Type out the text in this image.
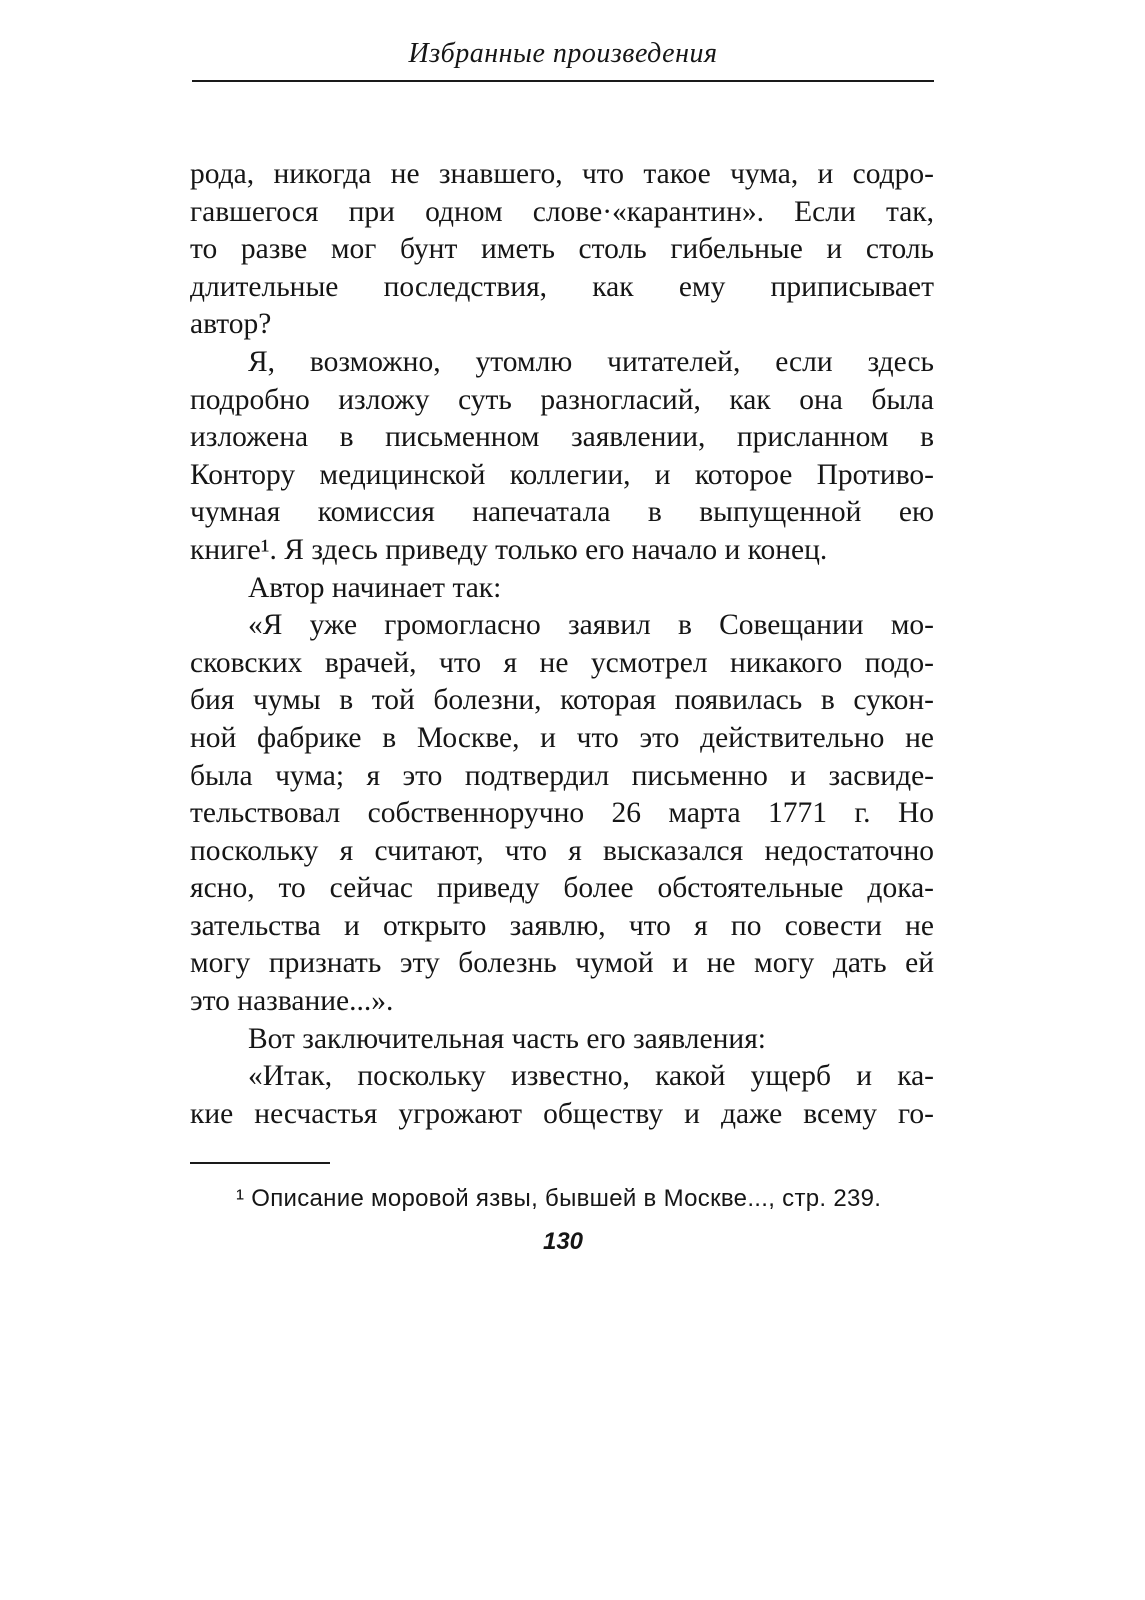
Избранные произведения
рода, никогда не знавшего, что такое чума, и содро-
гавшегося при одном слове·«карантин». Если так,
то разве мог бунт иметь столь гибельные и столь
длительные последствия, как ему приписывает
автор?
Я, возможно, утомлю читателей, если здесь
подробно изложу суть разногласий, как она была
изложена в письменном заявлении, присланном в
Контору медицинской коллегии, и которое Противо-
чумная комиссия напечатала в выпущенной ею
книге¹. Я здесь приведу только его начало и конец.
Автор начинает так:
«Я уже громогласно заявил в Совещании мо-
сковских врачей, что я не усмотрел никакого подо-
бия чумы в той болезни, которая появилась в сукон-
ной фабрике в Москве, и что это действительно не
была чума; я это подтвердил письменно и засвиде-
тельствовал собственноручно 26 марта 1771 г. Но
поскольку я считают, что я высказался недостаточно
ясно, то сейчас приведу более обстоятельные дока-
зательства и открыто заявлю, что я по совести не
могу признать эту болезнь чумой и не могу дать ей
это название...».
Вот заключительная часть его заявления:
«Итак, поскольку известно, какой ущерб и ка-
кие несчастья угрожают обществу и даже всему го-
¹ Описание моровой язвы, бывшей в Москве..., стр. 239.
130
